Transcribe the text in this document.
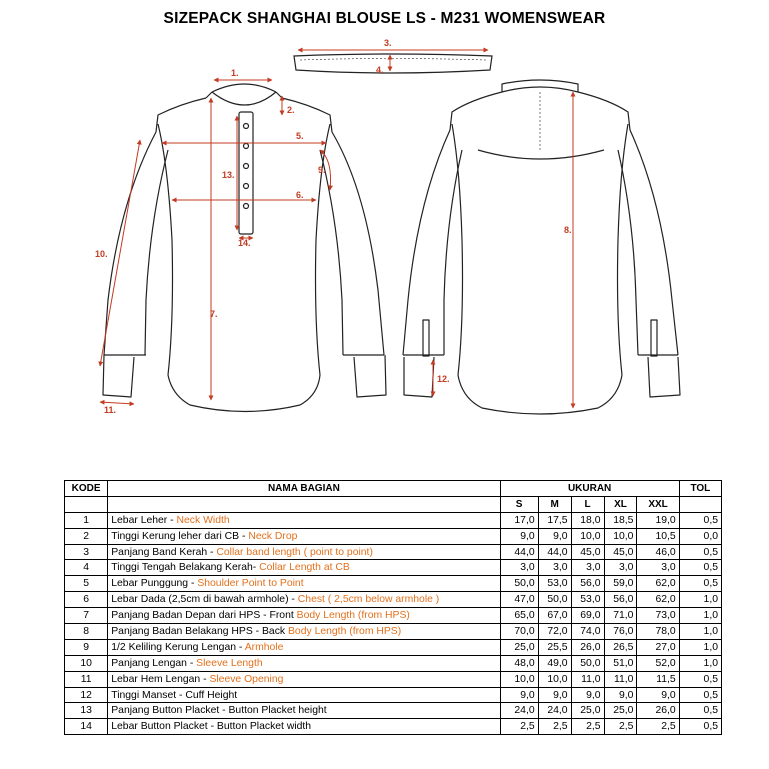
SIZEPACK SHANGHAI BLOUSE LS - M231 WOMENSWEAR
1.
2.
3.
4.
5.
6.
7.
8.
9.
10.
11.
12.
13.
14.
KODE	NAMA BAGIAN	UKURAN					TOL
		S	M	L	XL	XXL	
1	Lebar Leher - Neck Width	17,0	17,5	18,0	18,5	19,0	0,5
2	Tinggi Kerung leher dari CB - Neck Drop	9,0	9,0	10,0	10,0	10,5	0,0
3	Panjang Band Kerah - Collar band length ( point to point)	44,0	44,0	45,0	45,0	46,0	0,5
4	Tinggi Tengah Belakang Kerah- Collar Length at CB	3,0	3,0	3,0	3,0	3,0	0,5
5	Lebar Punggung - Shoulder Point to Point	50,0	53,0	56,0	59,0	62,0	0,5
6	Lebar Dada (2,5cm di bawah armhole) - Chest ( 2,5cm below armhole )	47,0	50,0	53,0	56,0	62,0	1,0
7	Panjang Badan Depan dari HPS - Front Body Length (from HPS)	65,0	67,0	69,0	71,0	73,0	1,0
8	Panjang Badan Belakang HPS - Back Body Length (from HPS)	70,0	72,0	74,0	76,0	78,0	1,0
9	1/2 Keliling Kerung Lengan - Armhole	25,0	25,5	26,0	26,5	27,0	1,0
10	Panjang Lengan - Sleeve Length	48,0	49,0	50,0	51,0	52,0	1,0
11	Lebar Hem Lengan - Sleeve Opening	10,0	10,0	11,0	11,0	11,5	0,5
12	Tinggi Manset - Cuff Height	9,0	9,0	9,0	9,0	9,0	0,5
13	Panjang Button Placket - Button Placket height	24,0	24,0	25,0	25,0	26,0	0,5
14	Lebar Button Placket - Button Placket width	2,5	2,5	2,5	2,5	2,5	0,5
